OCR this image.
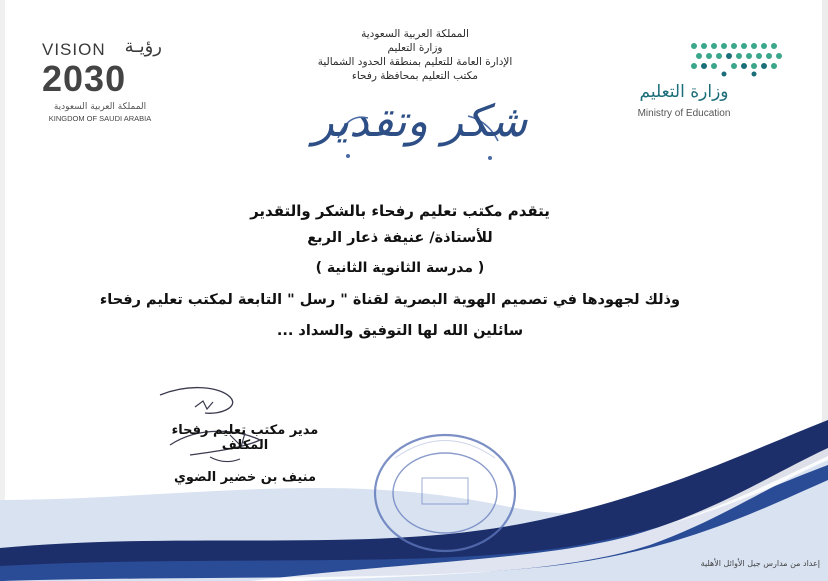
المملكة العربية السعودية
وزارة التعليم
الإدارة العامة للتعليم بمنطقة الحدود الشمالية
مكتب التعليم بمحافظة رفحاء
VISION رؤيـة
2030
المملكة العربية السعودية
KINGDOM OF SAUDI ARABIA
وزارة التعليم
Ministry of Education
شكر وتقدير
يتقدم مكتب تعليم رفحاء بالشكر والتقدير
للأستاذة/ عنيفة ذعار الربع
( مدرسة الثانوية الثانية )
وذلك لجهودها في تصميم الهوية البصرية لقناة " رسل " التابعة لمكتب تعليم رفحاء
سائلين الله لها التوفيق والسداد ...
مدير مكتب تعليم رفحاء المكلف
منيف بن خضير الضوي
إعداد من مدارس جيل الأوائل الأهلية
